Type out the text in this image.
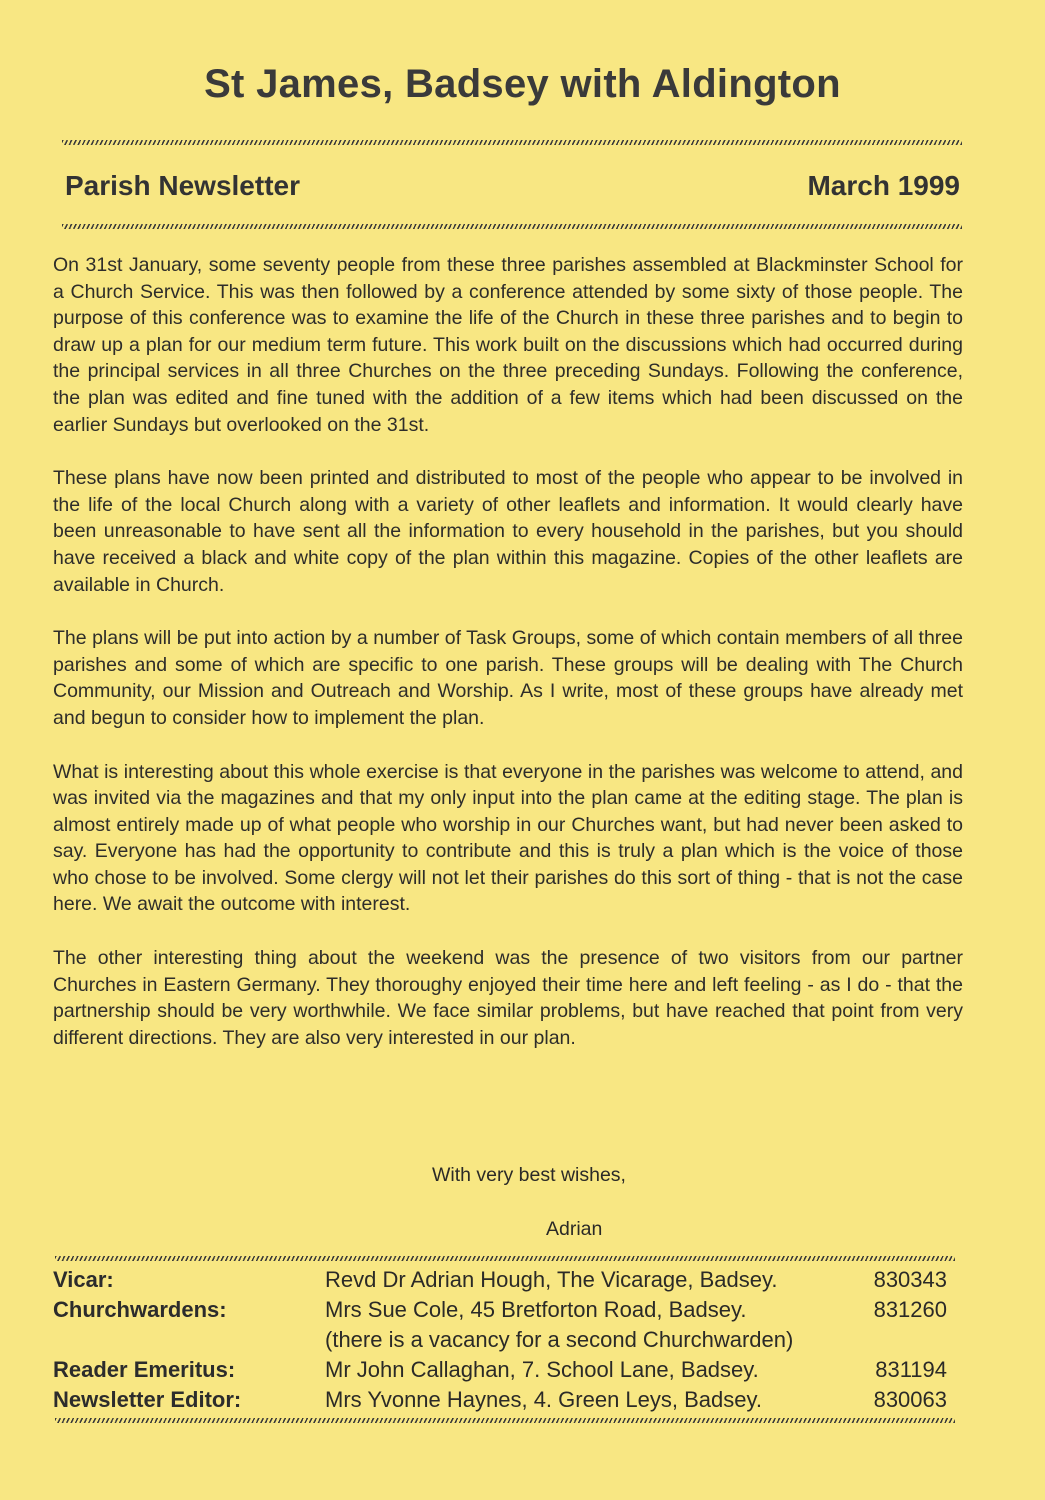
St James, Badsey with Aldington
Parish Newsletter	March 1999

On 31st January, some seventy people from these three parishes assembled at Blackminster School for a Church Service. This was then followed by a conference attended by some sixty of those people. The purpose of this conference was to examine the life of the Church in these three parishes and to begin to draw up a plan for our medium term future. This work built on the discussions which had occurred during the principal services in all three Churches on the three preceding Sundays. Following the conference, the plan was edited and fine tuned with the addition of a few items which had been discussed on the earlier Sundays but overlooked on the 31st.

These plans have now been printed and distributed to most of the people who appear to be involved in the life of the local Church along with a variety of other leaflets and information. It would clearly have been unreasonable to have sent all the information to every household in the parishes, but you should have received a black and white copy of the plan within this magazine. Copies of the other leaflets are available in Church.

The plans will be put into action by a number of Task Groups, some of which contain members of all three parishes and some of which are specific to one parish. These groups will be dealing with The Church Community, our Mission and Outreach and Worship. As I write, most of these groups have already met and begun to consider how to implement the plan.

What is interesting about this whole exercise is that everyone in the parishes was welcome to attend, and was invited via the magazines and that my only input into the plan came at the editing stage. The plan is almost entirely made up of what people who worship in our Churches want, but had never been asked to say. Everyone has had the opportunity to contribute and this is truly a plan which is the voice of those who chose to be involved. Some clergy will not let their parishes do this sort of thing - that is not the case here. We await the outcome with interest.

The other interesting thing about the weekend was the presence of two visitors from our partner Churches in Eastern Germany. They thoroughy enjoyed their time here and left feeling - as I do - that the partnership should be very worthwhile. We face similar problems, but have reached that point from very different directions. They are also very interested in our plan.

With very best wishes,
Adrian
Vicar:	Revd Dr Adrian Hough, The Vicarage, Badsey.	830343
Churchwardens:	Mrs Sue Cole, 45 Bretforton Road, Badsey.	831260
(there is a vacancy for a second Churchwarden)
Reader Emeritus:	Mr John Callaghan, 7. School Lane, Badsey.	831194
Newsletter Editor:	Mrs Yvonne Haynes, 4. Green Leys, Badsey.	830063
